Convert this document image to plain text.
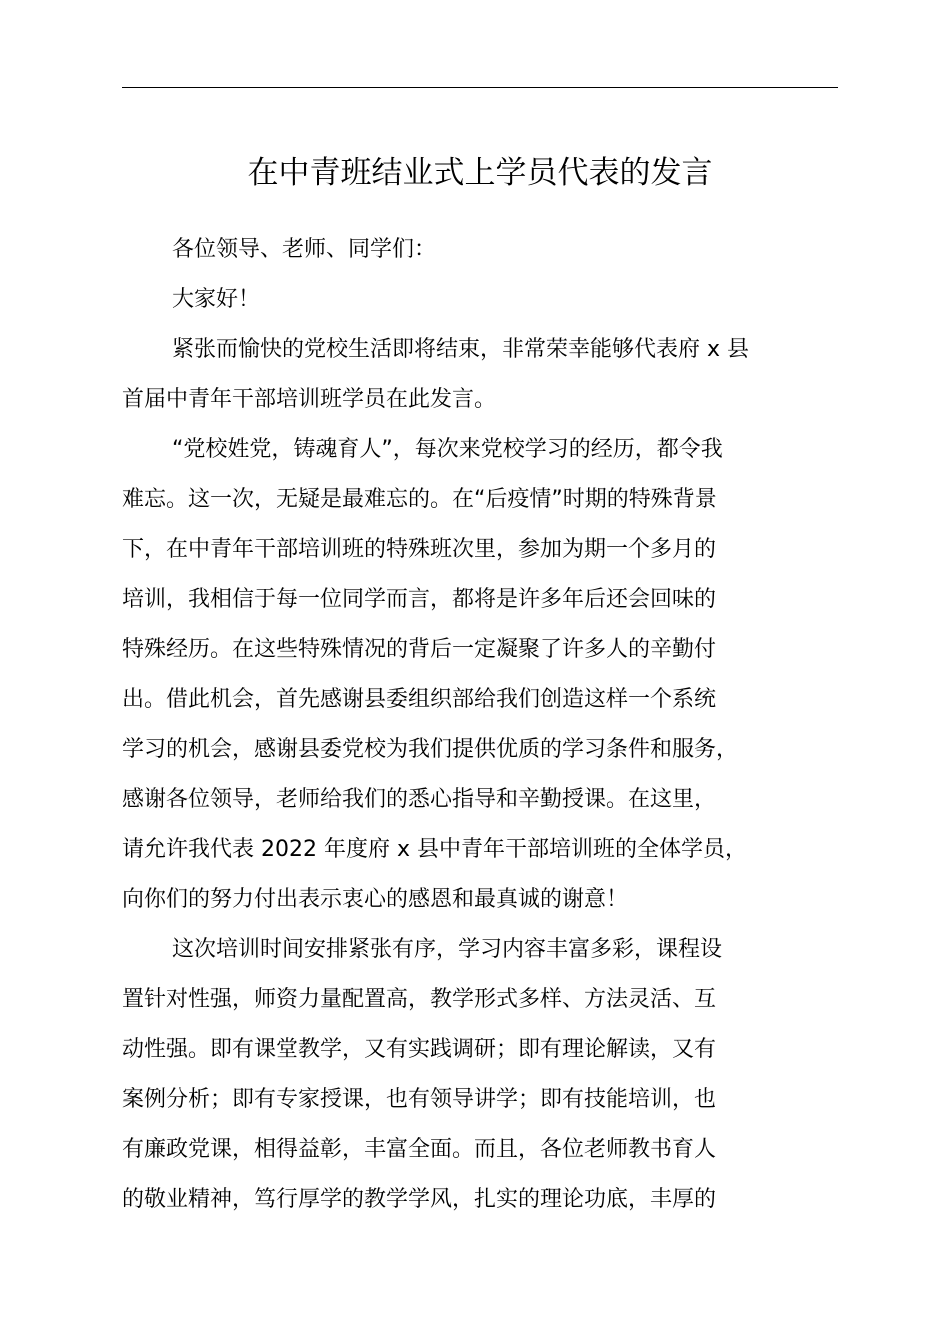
在中青班结业式上学员代表的发言

各位领导、老师、同学们：

大家好！

紧张而愉快的党校生活即将结束，非常荣幸能够代表府 x 县

首届中青年干部培训班学员在此发言。

“党校姓党，铸魂育人”，每次来党校学习的经历，都令我

难忘。这一次，无疑是最难忘的。在“后疫情”时期的特殊背景

下，在中青年干部培训班的特殊班次里，参加为期一个多月的

培训，我相信于每一位同学而言，都将是许多年后还会回味的

特殊经历。在这些特殊情况的背后一定凝聚了许多人的辛勤付

出。借此机会，首先感谢县委组织部给我们创造这样一个系统

学习的机会，感谢县委党校为我们提供优质的学习条件和服务，

感谢各位领导，老师给我们的悉心指导和辛勤授课。在这里，

请允许我代表 2022 年度府 x 县中青年干部培训班的全体学员，

向你们的努力付出表示衷心的感恩和最真诚的谢意！

这次培训时间安排紧张有序，学习内容丰富多彩，课程设

置针对性强，师资力量配置高，教学形式多样、方法灵活、互

动性强。即有课堂教学，又有实践调研；即有理论解读，又有

案例分析；即有专家授课，也有领导讲学；即有技能培训，也

有廉政党课，相得益彰，丰富全面。而且，各位老师教书育人

的敬业精神，笃行厚学的教学学风，扎实的理论功底，丰厚的
